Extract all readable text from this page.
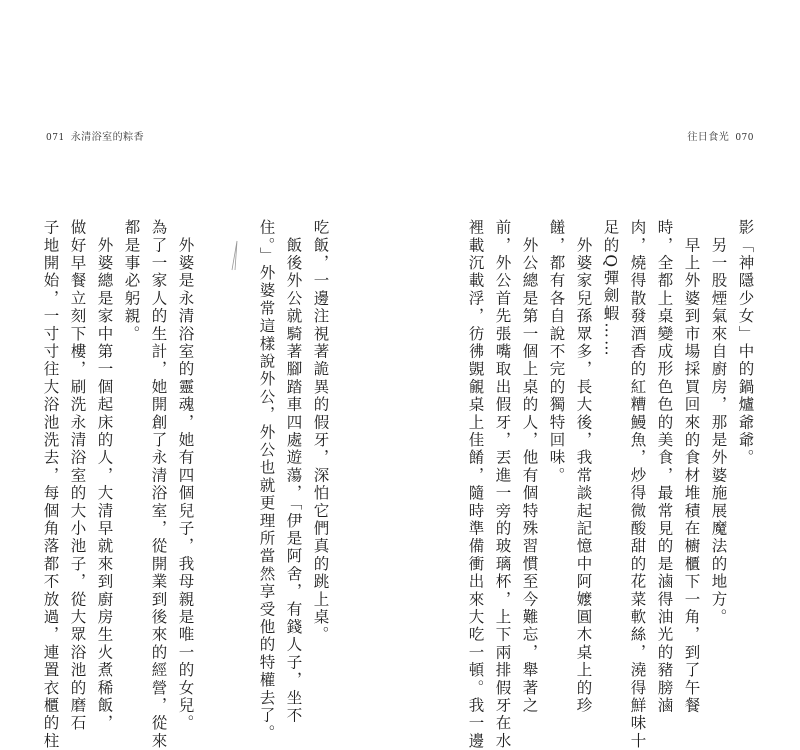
071 永清浴室的粽香	往日食光 070
影「神隱少女」中的鍋爐爺爺。
　另一股煙氣來自廚房，那是外婆施展魔法的地方。
　早上外婆到市場採買回來的食材堆積在櫥櫃下一角，到了午餐
時，全都上桌變成形色色的美食，最常見的是滷得油光的豬膀滷
肉，燒得散發酒香的紅糟鰻魚，炒得微酸甜的花菜軟絲，澆得鮮味十
足的Q彈劍蝦……
　外婆家兒孫眾多，長大後，我常談起記憶中阿嬤圓木桌上的珍
饈，都有各自說不完的獨特回味。
　外公總是第一個上桌的人，他有個特殊習慣至今難忘，舉著之
前，外公首先張嘴取出假牙，丟進一旁的玻璃杯，上下兩排假牙在水
裡載沉載浮，彷彿覬覦桌上佳餚，隨時準備衝出來大吃一頓。我一邊
吃飯，一邊注視著詭異的假牙，深怕它們真的跳上桌。
　飯後外公就騎著腳踏車四處遊蕩，「伊是阿舍，有錢人子，坐不
住。」外婆常這樣說外公，外公也就更理所當然享受他的特權去了。
　外婆是永清浴室的靈魂，她有四個兒子，我母親是唯一的女兒。
為了一家人的生計，她開創了永清浴室，從開業到後來的經營，從來
都是事必躬親。
　外婆總是家中第一個起床的人，大清早就來到廚房生火煮稀飯，
做好早餐立刻下樓，刷洗永清浴室的大小池子，從大眾浴池的磨石
子地開始，一寸寸往大浴池洗去，每個角落都不放過，連置衣櫃的柱
